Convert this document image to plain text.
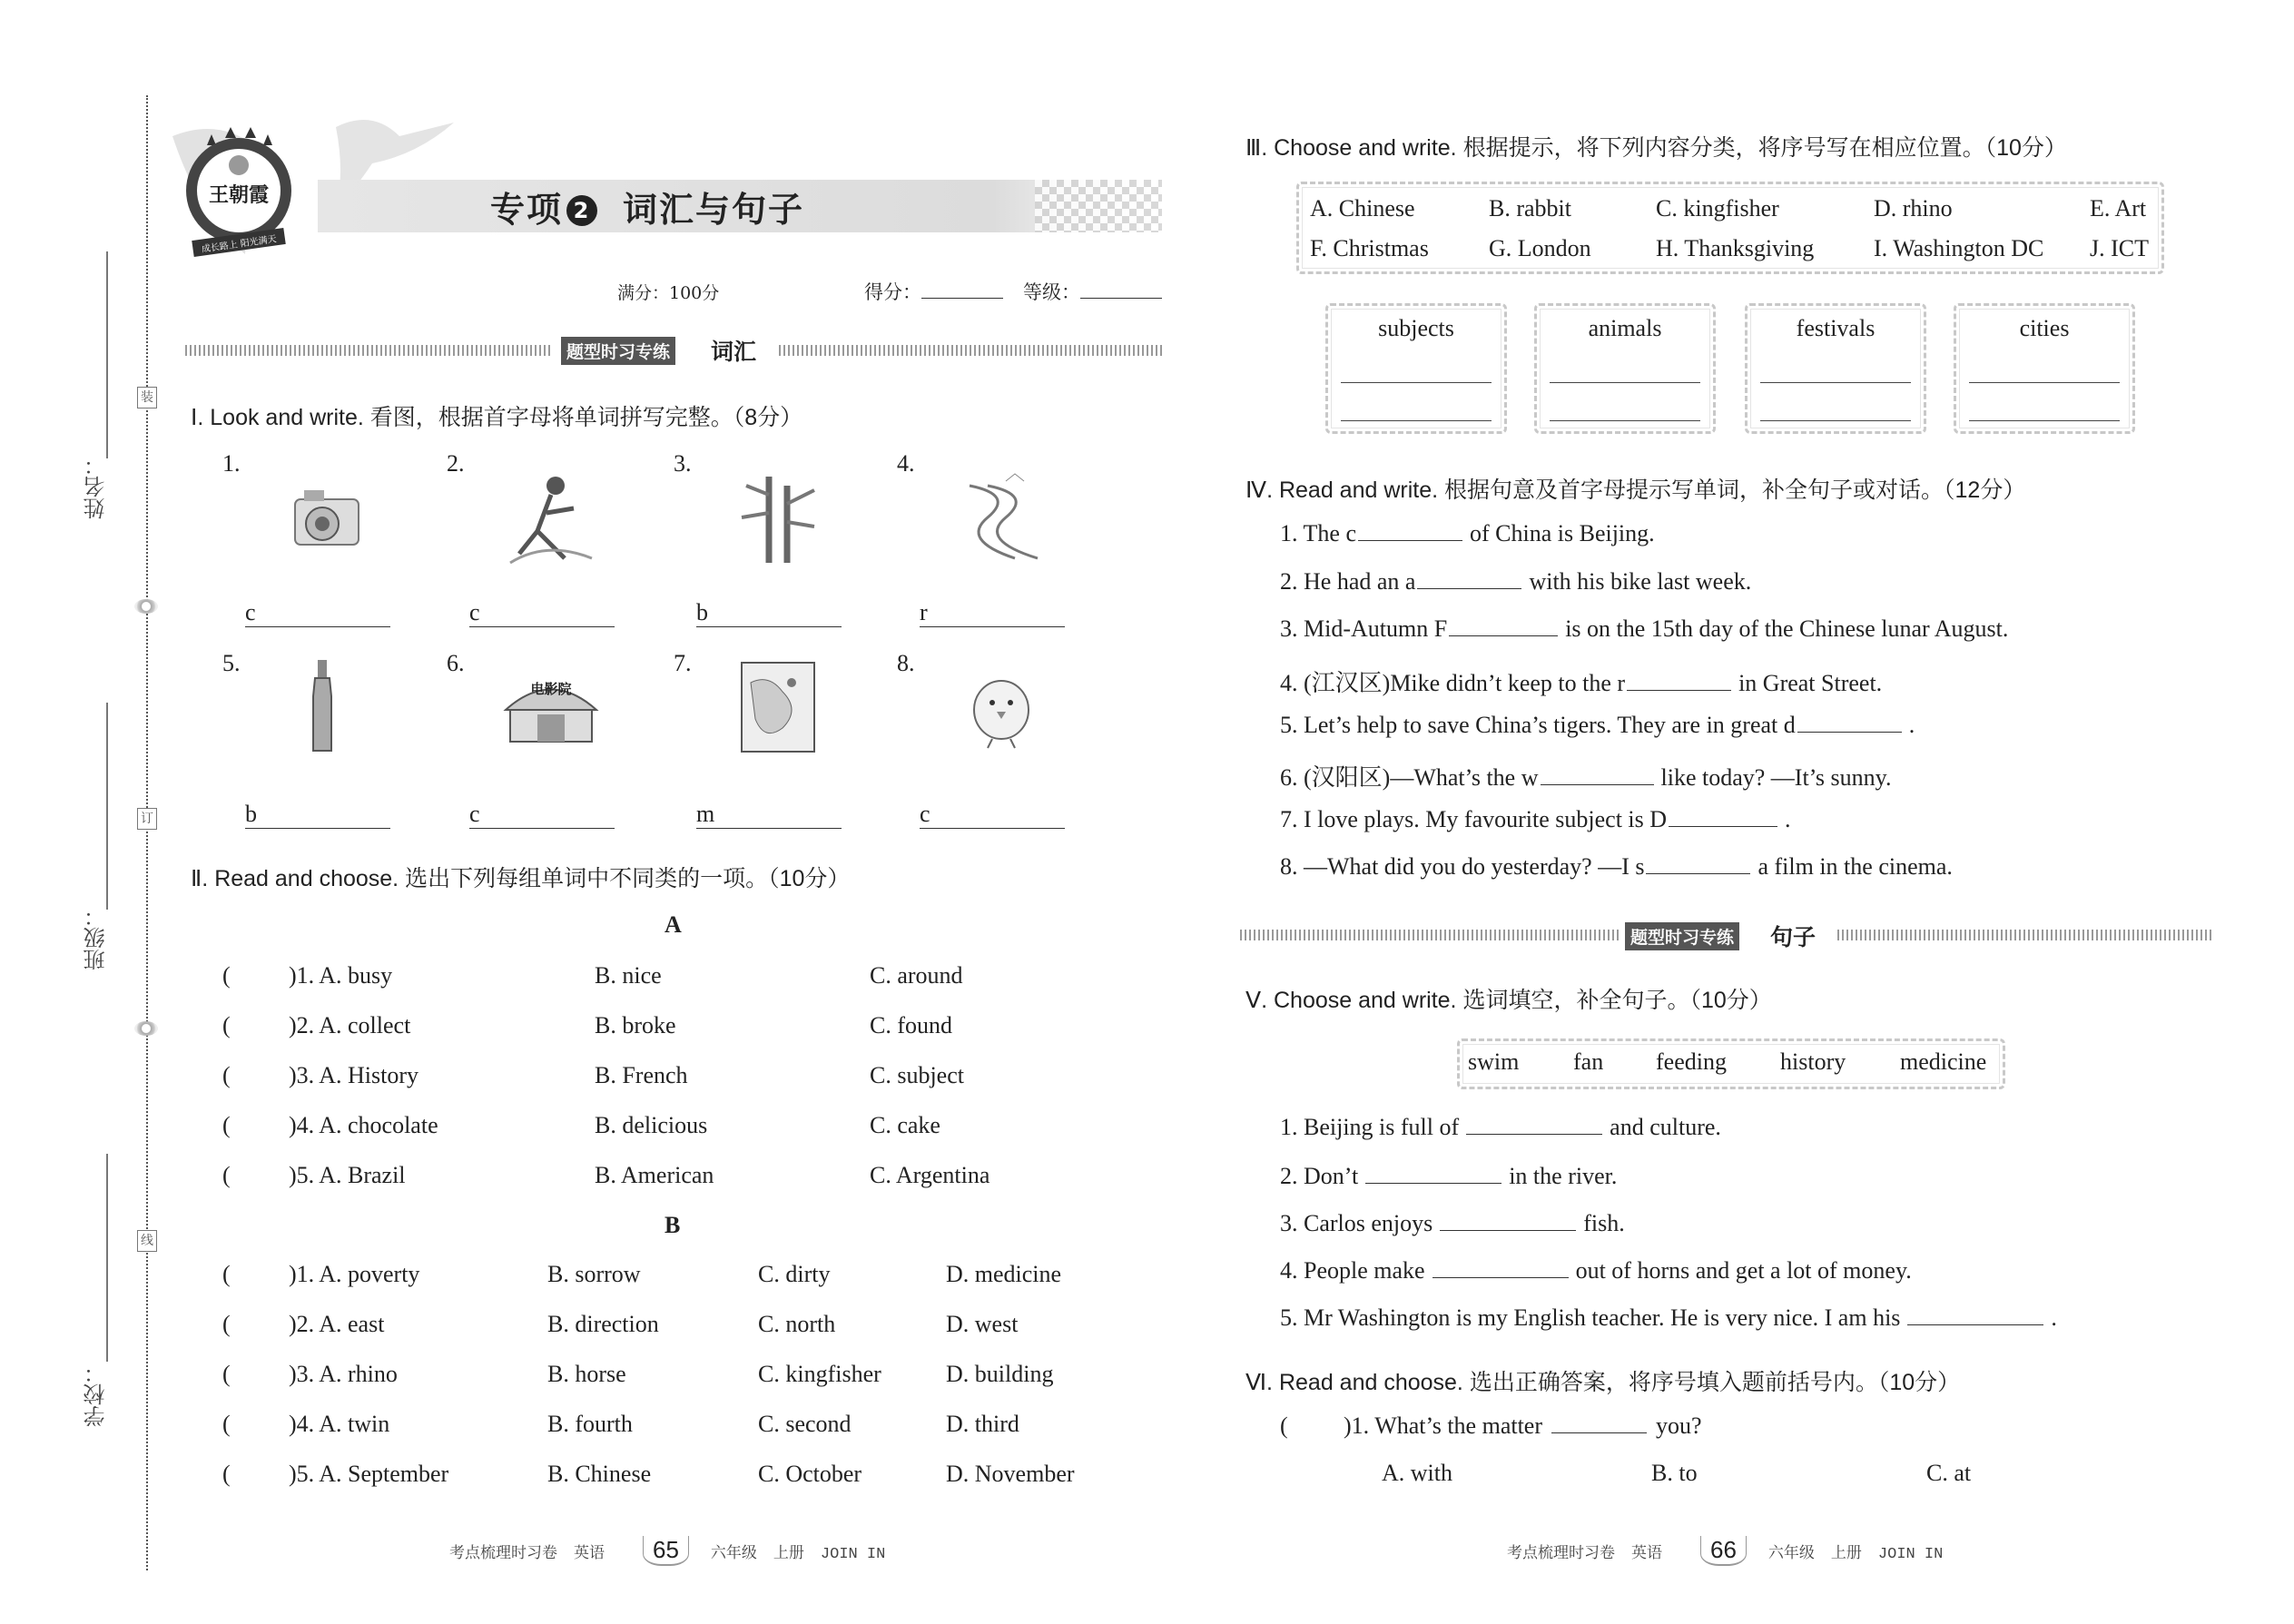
姓名：
班级：
学校：
装
订
线
王朝霞
成长路上 阳光满天
专项 2 词汇与句子
满分：100分	得分：	等级：
题型时习专练 词汇
Ⅰ. Look and write. 看图，根据首字母将单词拼写完整。（8分）
1.
c
2.
c
3.
b
4.
r
5.
b
6.
电影院
c
7.
m
8.
c
Ⅱ. Read and choose. 选出下列每组单词中不同类的一项。（10分）
A
B
( )1. A. busy	B. nice	C. around
( )2. A. collect	B. broke	C. found
( )3. A. History	B. French	C. subject
( )4. A. chocolate	B. delicious	C. cake
( )5. A. Brazil	B. American	C. Argentina
( )1. A. poverty	B. sorrow	C. dirty	D. medicine
( )2. A. east	B. direction	C. north	D. west
( )3. A. rhino	B. horse	C. kingfisher	D. building
( )4. A. twin	B. fourth	C. second	D. third
( )5. A. September	B. Chinese	C. October	D. November
Ⅲ. Choose and write. 根据提示，将下列内容分类，将序号写在相应位置。（10分）
A. Chinese	B. rabbit	C. kingfisher	D. rhino	E. Art
F. Christmas	G. London	H. Thanksgiving	I. Washington DC J. ICT
subjects	animals	festivals	cities
Ⅳ. Read and write. 根据句意及首字母提示写单词，补全句子或对话。（12分）
1. The c	of China is Beijing.
2. He had an a	with his bike last week.
3. Mid-Autumn F	is on the 15th day of the Chinese lunar August.
4. (江汉区)Mike didn’t keep to the r	in Great Street.
5. Let’s help to save China’s tigers. They are in great d	.
6. (汉阳区)—What’s the w	like today? —It’s sunny.
7. I love plays. My favourite subject is D	.
8. —What did you do yesterday? —I s	a film in the cinema.
题型时习专练 句子
Ⅴ. Choose and write. 选词填空，补全句子。（10分）
swim fan feeding history medicine
1. Beijing is full of	and culture.
2. Don’t	in the river.
3. Carlos enjoys	fish.
4. People make	out of horns and get a lot of money.
5. Mr Washington is my English teacher. He is very nice. I am his	.
Ⅵ. Read and choose. 选出正确答案，将序号填入题前括号内。（10分）
( )1. What’s the matter	you?
A. with	B. to	C. at
考点梳理时习卷 英语 65 六年级 上册 JOIN IN	考点梳理时习卷 英语 66 六年级 上册 JOIN IN
